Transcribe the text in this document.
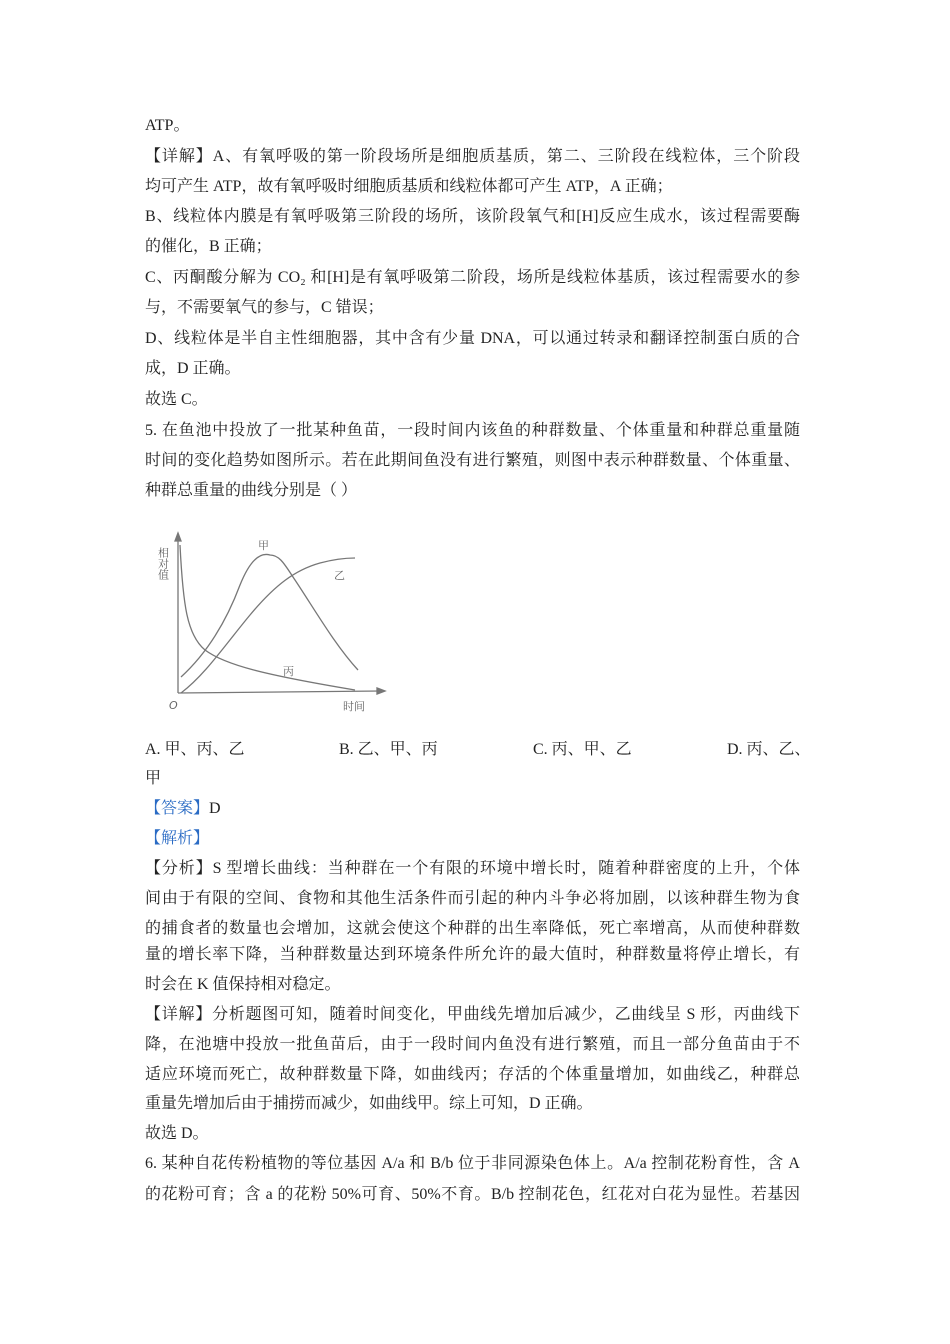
ATP。
【详解】A、有氧呼吸的第一阶段场所是细胞质基质，第二、三阶段在线粒体，三个阶段
均可产生 ATP，故有氧呼吸时细胞质基质和线粒体都可产生 ATP，A 正确；
B、线粒体内膜是有氧呼吸第三阶段的场所，该阶段氧气和[H]反应生成水，该过程需要酶
的催化，B 正确；
C、丙酮酸分解为 CO₂ 和[H]是有氧呼吸第二阶段，场所是线粒体基质，该过程需要水的参
与，不需要氧气的参与，C 错误；
D、线粒体是半自主性细胞器，其中含有少量 DNA，可以通过转录和翻译控制蛋白质的合
成，D 正确。
故选 C。
5. 在鱼池中投放了一批某种鱼苗，一段时间内该鱼的种群数量、个体重量和种群总重量随
时间的变化趋势如图所示。若在此期间鱼没有进行繁殖，则图中表示种群数量、个体重量、
种群总重量的曲线分别是（ ）
相对值
时间
O
甲
乙
丙
A. 甲、丙、乙	B. 乙、甲、丙	C. 丙、甲、乙	D. 丙、乙、
甲
【答案】D
【解析】
【分析】S 型增长曲线：当种群在一个有限的环境中增长时，随着种群密度的上升，个体
间由于有限的空间、食物和其他生活条件而引起的种内斗争必将加剧，以该种群生物为食
的捕食者的数量也会增加，这就会使这个种群的出生率降低，死亡率增高，从而使种群数
量的增长率下降，当种群数量达到环境条件所允许的最大值时，种群数量将停止增长，有
时会在 K 值保持相对稳定。
【详解】分析题图可知，随着时间变化，甲曲线先增加后减少，乙曲线呈 S 形，丙曲线下
降，在池塘中投放一批鱼苗后，由于一段时间内鱼没有进行繁殖，而且一部分鱼苗由于不
适应环境而死亡，故种群数量下降，如曲线丙；存活的个体重量增加，如曲线乙，种群总
重量先增加后由于捕捞而减少，如曲线甲。综上可知，D 正确。
故选 D。
6. 某种自花传粉植物的等位基因 A/a 和 B/b 位于非同源染色体上。A/a 控制花粉育性，含 A
的花粉可育；含 a 的花粉 50%可育、50%不育。B/b 控制花色，红花对白花为显性。若基因
